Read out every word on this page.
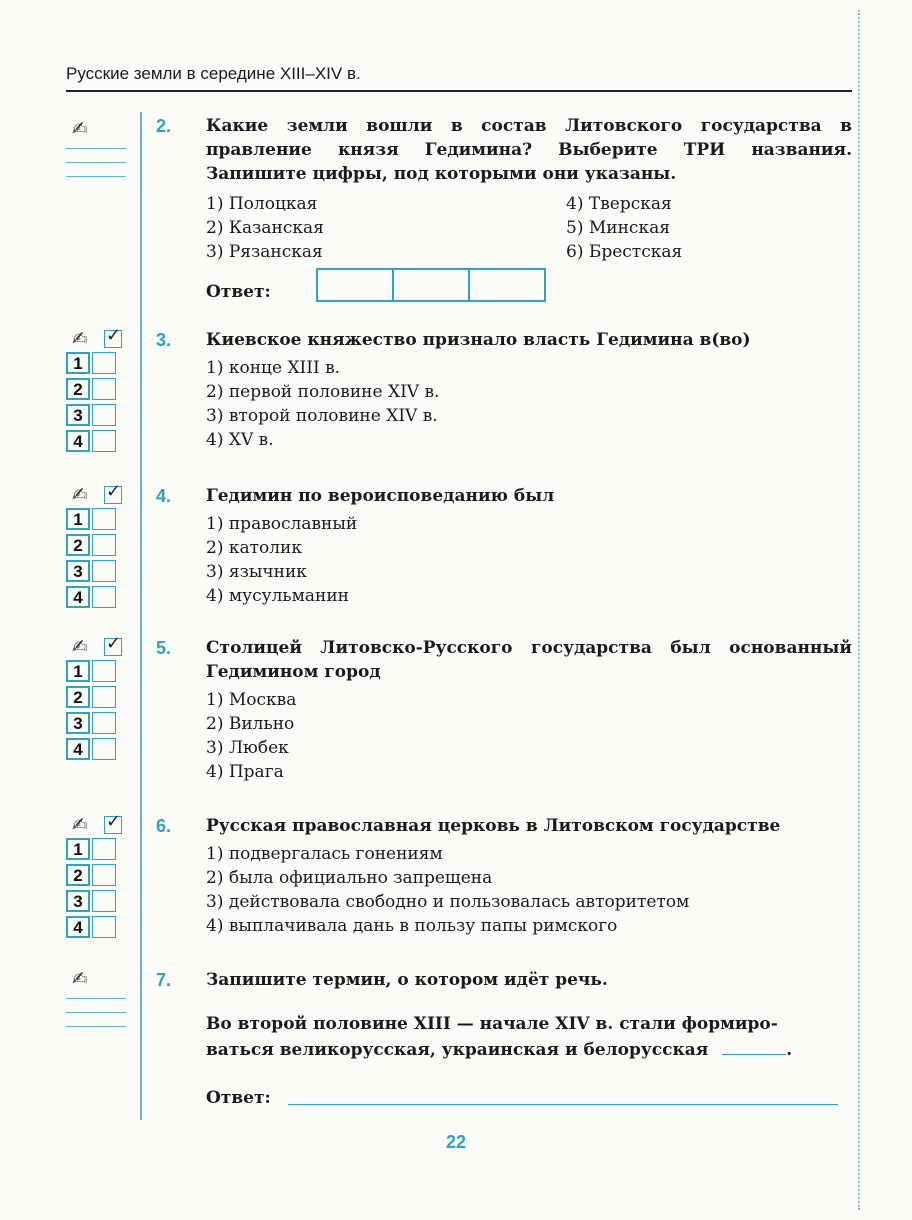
Русские земли в середине XIII–XIV в.
✍	2. Какие земли вошли в состав Литовского государства в правление князя Гедимина? Выберите ТРИ названия. Запишите цифры, под которыми они указаны.
1) Полоцкая
2) Казанская
3) Рязанская
4) Тверская
5) Минская
6) Брестская
Ответ:
✍ ✓
1
2
3
4
3. Киевское княжество признало власть Гедимина в(во)
1) конце XIII в.
2) первой половине XIV в.
3) второй половине XIV в.
4) XV в.
✍ ✓
1
2
3
4
4. Гедимин по вероисповеданию был
1) православный
2) католик
3) язычник
4) мусульманин
✍ ✓
1
2
3
4
5. Столицей Литовско-Русского государства был основанный Гедимином город
1) Москва
2) Вильно
3) Любек
4) Прага
✍ ✓
1
2
3
4
6. Русская православная церковь в Литовском государстве
1) подвергалась гонениям
2) была официально запрещена
3) действовала свободно и пользовалась авторитетом
4) выплачивала дань в пользу папы римского
✍	7. Запишите термин, о котором идёт речь.
Во второй половине XIII — начале XIV в. стали формиро-
ваться великорусская, украинская и белорусская	.
Ответ:
22
